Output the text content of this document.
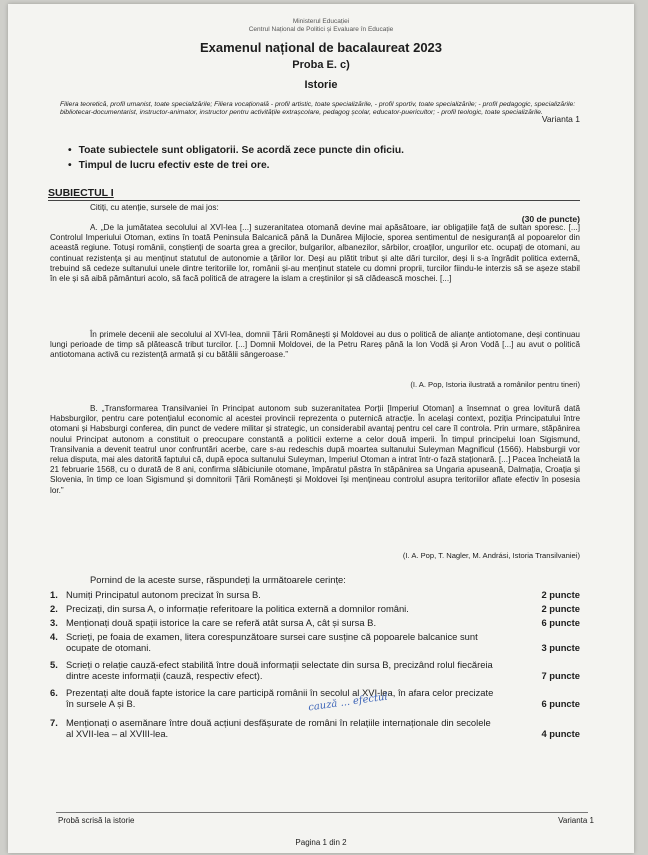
Ministerul Educației
Centrul Național de Politici și Evaluare în Educație
Examenul național de bacalaureat 2023
Proba E. c)
Istorie
Filiera teoretică, profil umanist, toate specializările; Filiera vocațională - profil artistic, toate specializările, - profil sportiv, toate specializările; - profil pedagogic, specializările: bibliotecar-documentarist, instructor-animator, instructor pentru activitățile extrașcolare, pedagog școlar, educator-puericultor; - profil teologic, toate specializările.
Varianta 1
• Toate subiectele sunt obligatorii. Se acordă zece puncte din oficiu.
• Timpul de lucru efectiv este de trei ore.
SUBIECTUL I
Citiți, cu atenție, sursele de mai jos:
(30 de puncte)
A. „De la jumătatea secolului al XVI-lea [...] suzeranitatea otomană devine mai apăsătoare, iar obligațiile față de sultan sporesc. [...] Controlul Imperiului Otoman, extins în toată Peninsula Balcanică până la Dunărea Mijlocie, sporea sentimentul de nesiguranță al popoarelor din această regiune. Totuși românii, conștienți de soarta grea a grecilor, bulgarilor, albanezilor, sârbilor, croaților, ungurilor etc. ocupați de otomani, au continuat rezistența și au menținut statutul de autonomie a țărilor lor. Deși au plătit tribut și alte dări turcilor, deși li s-a îngrădit politica externă, trebuind să cedeze sultanului unele dintre teritoriile lor, românii și-au menținut statele cu domni proprii, turcilor fiindu-le interzis să se așeze stabil în ele și să aibă pământuri acolo, să facă politică de atragere la islam a creștinilor și să clădească moschei. [...]
În primele decenii ale secolului al XVI-lea, domnii Țării Românești și Moldovei au dus o politică de alianțe antiotomane, deși continuau lungi perioade de timp să plătească tribut turcilor. [...] Domnii Moldovei, de la Petru Rareș până la Ion Vodă și Aron Vodă [...] au avut o politică antiotomana activă cu rezistență armată și cu bătălii sângeroase.”
(I. A. Pop, Istoria ilustrată a românilor pentru tineri)
B. „Transformarea Transilvaniei în Principat autonom sub suzeranitatea Porții [Imperiul Otoman] a însemnat o grea lovitură dată Habsburgilor, pentru care potențialul economic al acestei provincii reprezenta o puternică atracție. În acelaşi context, poziția Principatului între otomani și Habsburgi conferea, din punct de vedere militar și strategic, un considerabil avantaj pentru cel care îl controla. Prin urmare, stăpânirea noului Principat autonom a constituit o preocupare constantă a politicii externe a celor două imperii. În timpul principelui Ioan Sigismund, Transilvania a devenit teatrul unor confruntări acerbe, care s-au redeschis după moartea sultanului Suleyman Magnificul (1566). Habsburgii vor relua disputa, mai ales datorită faptului că, după epoca sultanului Suleyman, Imperiul Otoman a intrat într-o fază staționară. [...] Pacea încheiată la 21 februarie 1568, cu o durată de 8 ani, confirma slăbiciunile otomane, împăratul păstra în stăpânirea sa Ungaria apuseană, Dalmația, Croația și Slovenia, în timp ce Ioan Sigismund și domnitorii Țării Românești și Moldovei își mențineau controlul asupra teritoriilor aflate efectiv în posesia lor.”
(I. A. Pop, T. Nagler, M. Andrási, Istoria Transilvaniei)
Pornind de la aceste surse, răspundeți la următoarele cerințe:
1. Numiți Principatul autonom precizat în sursa B.	2 puncte
2. Precizați, din sursa A, o informație referitoare la politica externă a domnilor români.	2 puncte
3. Menționați două spații istorice la care se referă atât sursa A, cât și sursa B.	6 puncte
4. Scrieți, pe foaia de examen, litera corespunzătoare sursei care susține că popoarele balcanice sunt ocupate de otomani.	3 puncte
5. Scrieți o relație cauză-efect stabilită între două informații selectate din sursa B, precizând rolul fiecăreia dintre aceste informații (cauză, respectiv efect).	7 puncte
6. Prezentați alte două fapte istorice la care participă românii în secolul al XVI-lea, în afara celor precizate în sursele A și B.	6 puncte
7. Menționați o asemănare între două acțiuni desfășurate de români în relațiile internaționale din secolele al XVII-lea – al XVIII-lea.	4 puncte
cauză ... efectul
Probă scrisă la istorie	Varianta 1
Pagina 1 din 2
